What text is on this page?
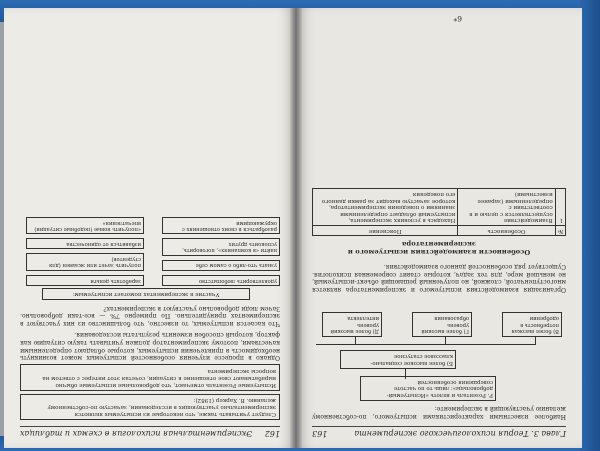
162
Экспериментальная психология в схемах и таблицах
Следует учитывать также, что некоторые из испытуемых являются экспериментально участвующих в исследовании, зачастую по-собственному желанию. В. Харкер (1982):
Испытуемые Розенталь отмечают, что добровольные испытуемые обычно вырабатывают свое отношение к ситуации, сочетая этот интерес с ответом на вопросы эксперимента

Однако в процессе изучения особенностей испытуемых может возникнуть необходимость в привлечении испытуемых, которые обладают определенными качествами, поэтому экспериментатор должен учитывать такую ситуацию как фактор, который способен изменить результаты исследования.

Что касается испытуемых, то известно, что большинство из них участвуют в экспериментах принудительно. По примерно 7% — все-таки добровольно. Зачем люди добровольно участвуют в экспериментах?

Участие в экспериментах помогает испытуемым:
удовлетворить любопытство
узнать что-либо о самом себе
найти «в компаниях», поговорить, успокоить других
разобраться в своих отношениях с окружающими
заработать деньги
получить зачет или экзамен (для студентов)
избавиться от одиночества
«получить новые (подобные ситуации) впечатления»
Глава 3. Теория психологического эксперимента
163

Наиболее известными характеристиками испытуемого, по-собственному желанию участвующий в эксперименте:

Р. Розенталь и вплоть «Испытуемый-добровольцы»: лишь то по частоте совершения особенностей
Б) более высокое социально-классовое статусное
В) более высокая потребность в одобрении
Г) более высокий уровень образования
Д) более высокий уровень интеллекта

Организация взаимодействия испытуемого и экспериментатора является многоступенчатой, сложной, но полученный решающий объект-испытуемый, не меньшей мере, для тех задач, которые ставит современная психология. Существует ряд особенностей данного взаимодействия.

Особенности взаимодействия испытуемого и экспериментатора
№	Особенность	Пояснение
1	Взаимодействие осуществляется с целью и в соответствии с определенными (заранее известными)	Находясь в условиях эксперимента, испытуемый обладает определенными знаниями о поведении экспериментатора, которое зачастую выходит за рамки данного его поведения
6*
